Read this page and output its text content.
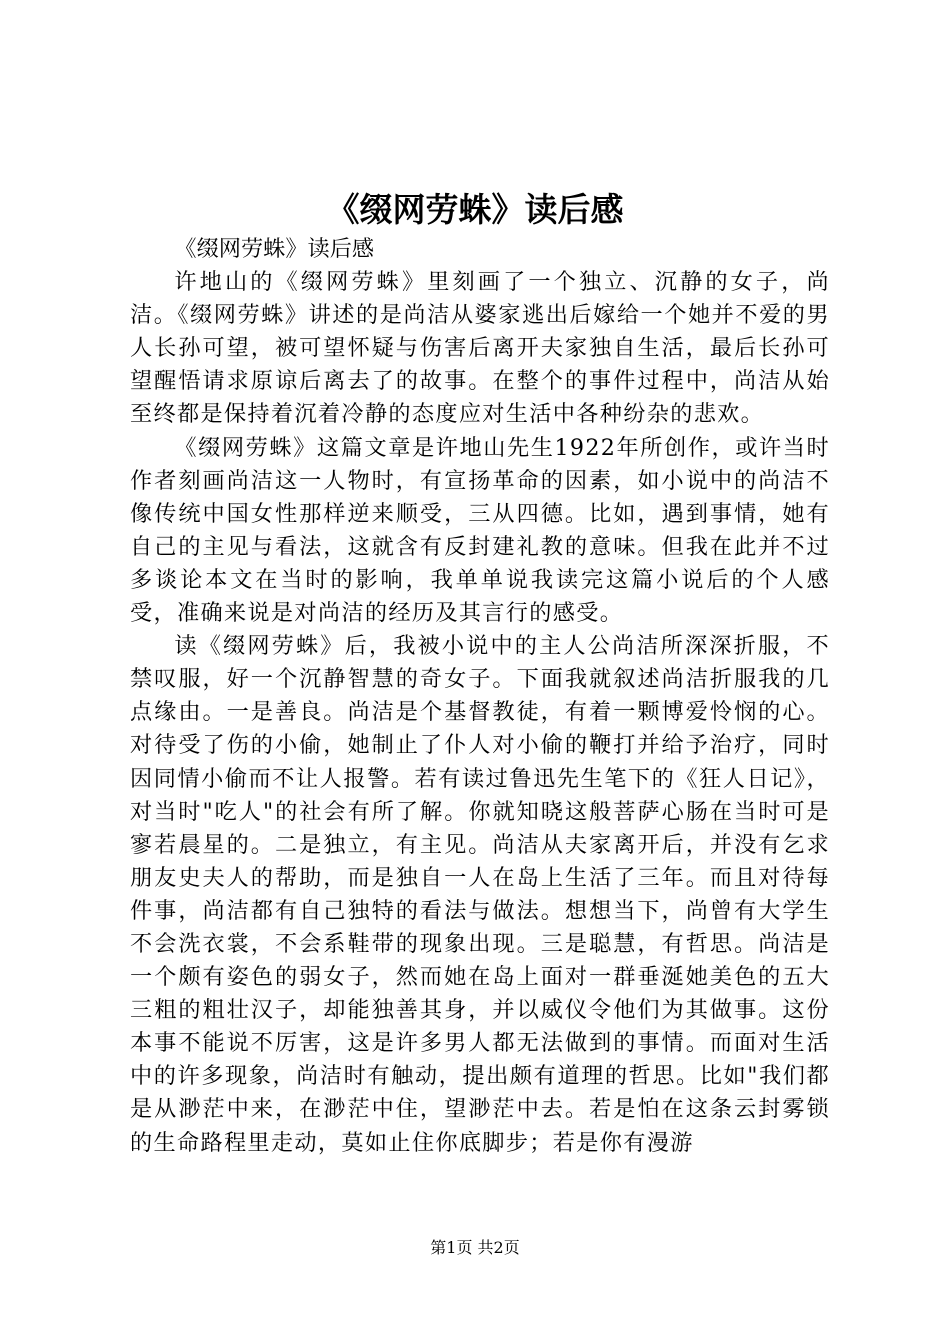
《缀网劳蛛》读后感

《缀网劳蛛》读后感

许地山的《缀网劳蛛》里刻画了一个独立、沉静的女子，尚洁。《缀网劳蛛》讲述的是尚洁从婆家逃出后嫁给一个她并不爱的男人长孙可望，被可望怀疑与伤害后离开夫家独自生活，最后长孙可望醒悟请求原谅后离去了的故事。在整个的事件过程中，尚洁从始至终都是保持着沉着冷静的态度应对生活中各种纷杂的悲欢。

《缀网劳蛛》这篇文章是许地山先生1922年所创作，或许当时作者刻画尚洁这一人物时，有宣扬革命的因素，如小说中的尚洁不像传统中国女性那样逆来顺受，三从四德。比如，遇到事情，她有自己的主见与看法，这就含有反封建礼教的意味。但我在此并不过多谈论本文在当时的影响，我单单说我读完这篇小说后的个人感受，准确来说是对尚洁的经历及其言行的感受。

读《缀网劳蛛》后，我被小说中的主人公尚洁所深深折服，不禁叹服，好一个沉静智慧的奇女子。下面我就叙述尚洁折服我的几点缘由。一是善良。尚洁是个基督教徒，有着一颗博爱怜悯的心。对待受了伤的小偷，她制止了仆人对小偷的鞭打并给予治疗，同时因同情小偷而不让人报警。若有读过鲁迅先生笔下的《狂人日记》，对当时"吃人"的社会有所了解。你就知晓这般菩萨心肠在当时可是寥若晨星的。二是独立，有主见。尚洁从夫家离开后，并没有乞求朋友史夫人的帮助，而是独自一人在岛上生活了三年。而且对待每件事，尚洁都有自己独特的看法与做法。想想当下，尚曾有大学生不会洗衣裳，不会系鞋带的现象出现。三是聪慧，有哲思。尚洁是一个颇有姿色的弱女子，然而她在岛上面对一群垂涎她美色的五大三粗的粗壮汉子，却能独善其身，并以威仪令他们为其做事。这份本事不能说不厉害，这是许多男人都无法做到的事情。而面对生活中的许多现象，尚洁时有触动，提出颇有道理的哲思。比如"我们都是从渺茫中来，在渺茫中住，望渺茫中去。若是怕在这条云封雾锁的生命路程里走动，莫如止住你底脚步；若是你有漫游

第1页 共2页
